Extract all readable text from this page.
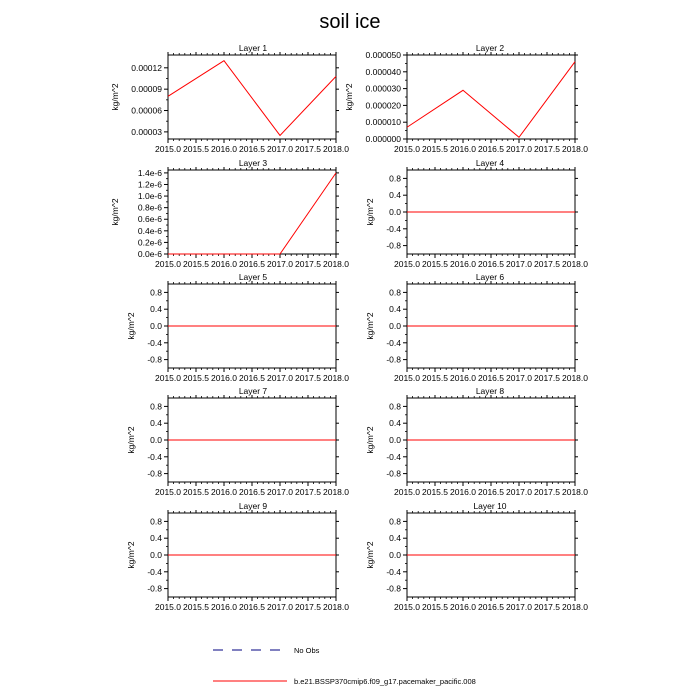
soil ice
Layer 1
2015.0 2015.5 2016.0 2016.5 2017.0 2017.5 2018.0
0.00003
0.00006
0.00009
0.00012
kg/m^2
Layer 2
2015.0 2015.5 2016.0 2016.5 2017.0 2017.5 2018.0
0.000000
0.000010
0.000020
0.000030
0.000040
0.000050
kg/m^2
Layer 3
2015.0 2015.5 2016.0 2016.5 2017.0 2017.5 2018.0
0.0e-6
0.2e-6
0.4e-6
0.6e-6
0.8e-6
1.0e-6
1.2e-6
1.4e-6
kg/m^2
Layer 4
2015.0 2015.5 2016.0 2016.5 2017.0 2017.5 2018.0
-0.8
-0.4
0.0
0.4
0.8
kg/m^2
Layer 5
2015.0 2015.5 2016.0 2016.5 2017.0 2017.5 2018.0
-0.8
-0.4
0.0
0.4
0.8
kg/m^2
Layer 6
2015.0 2015.5 2016.0 2016.5 2017.0 2017.5 2018.0
-0.8
-0.4
0.0
0.4
0.8
kg/m^2
Layer 7
2015.0 2015.5 2016.0 2016.5 2017.0 2017.5 2018.0
-0.8
-0.4
0.0
0.4
0.8
kg/m^2
Layer 8
2015.0 2015.5 2016.0 2016.5 2017.0 2017.5 2018.0
-0.8
-0.4
0.0
0.4
0.8
kg/m^2
Layer 9
2015.0 2015.5 2016.0 2016.5 2017.0 2017.5 2018.0
-0.8
-0.4
0.0
0.4
0.8
kg/m^2
Layer 10
2015.0 2015.5 2016.0 2016.5 2017.0 2017.5 2018.0
-0.8
-0.4
0.0
0.4
0.8
kg/m^2
No Obs
b.e21.BSSP370cmip6.f09_g17.pacemaker_pacific.008
